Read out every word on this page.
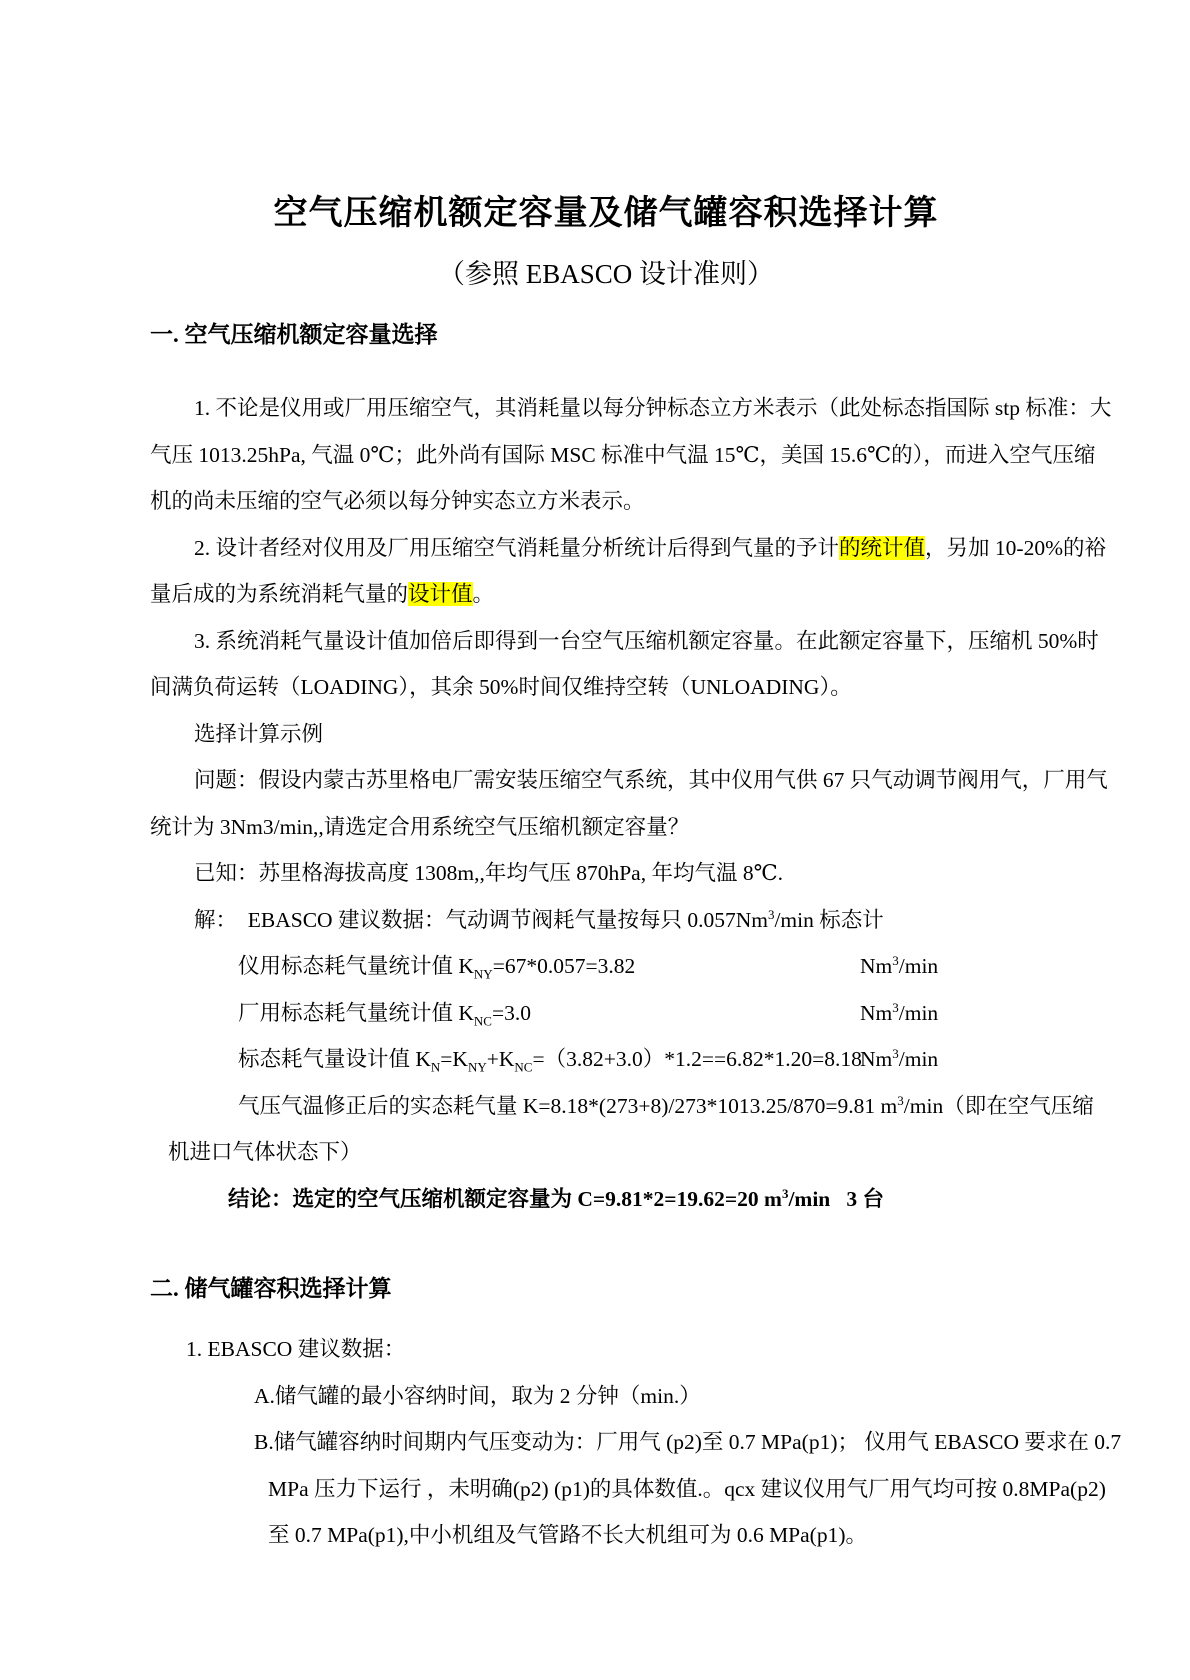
空气压缩机额定容量及储气罐容积选择计算
（参照 EBASCO 设计准则）
一. 空气压缩机额定容量选择
1. 不论是仪用或厂用压缩空气，其消耗量以每分钟标态立方米表示（此处标态指国际 stp 标准：大
气压 1013.25hPa, 气温 0℃；此外尚有国际 MSC 标准中气温 15℃，美国 15.6℃的），而进入空气压缩
机的尚未压缩的空气必须以每分钟实态立方米表示。
2. 设计者经对仪用及厂用压缩空气消耗量分析统计后得到气量的予计的统计值，另加 10-20%的裕
量后成的为系统消耗气量的设计值。
3. 系统消耗气量设计值加倍后即得到一台空气压缩机额定容量。在此额定容量下，压缩机 50%时
间满负荷运转（LOADING），其余 50%时间仅维持空转（UNLOADING）。
选择计算示例
问题：假设内蒙古苏里格电厂需安装压缩空气系统，其中仪用气供 67 只气动调节阀用气，厂用气
统计为 3Nm3/min,,请选定合用系统空气压缩机额定容量？
已知：苏里格海拔高度 1308m,,年均气压 870hPa, 年均气温 8℃.
解：  EBASCO 建议数据：气动调节阀耗气量按每只 0.057Nm$^3$/min 标态计
仪用标态耗气量统计值 $K_{NY}=67*0.057=3.82$	Nm$^3$/min
厂用标态耗气量统计值 $K_{NC}=3.0$	Nm$^3$/min
标态耗气量设计值 $K_N=K_{NY}+K_{NC}=(3.82+3.0)*1.2==6.82*1.20=8.18$
Nm$^3$/min
气压气温修正后的实态耗气量 K=8.18*(273+8)/273*1013.25/870=9.81 $m^3/\min$（即在空气压缩
机进口气体状态下）
结论：选定的空气压缩机额定容量为 C=9.81*2=19.62=20 $m^3/\min$   3 台
二. 储气罐容积选择计算
1. EBASCO 建议数据：
A.储气罐的最小容纳时间，取为 2 分钟（min.）
B.储气罐容纳时间期内气压变动为：厂用气 (p2)至 0.7 MPa(p1)； 仪用气 EBASCO 要求在 0.7
MPa 压力下运行 ，未明确(p2) (p1)的具体数值.。qcx 建议仪用气厂用气均可按 0.8MPa(p2)
至 0.7 MPa(p1),中小机组及气管路不长大机组可为 0.6 MPa(p1)。
